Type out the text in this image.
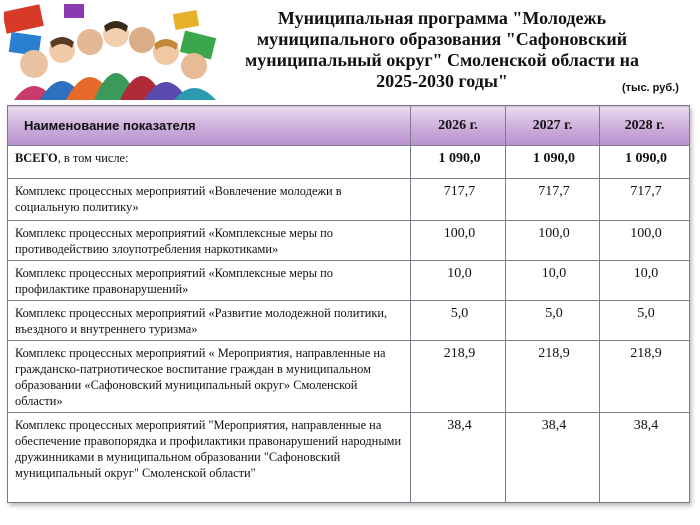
Муниципальная программа "Молодежь
муниципального образования "Сафоновский
муниципальный округ" Смоленской области на
2025-2030 годы"	(тыс. руб.)
Наименование показателя	2026 г.	2027 г.	2028 г.
ВСЕГО, в том числе:	1 090,0	1 090,0	1 090,0
Комплекс процессных мероприятий «Вовлечение молодежи в социальную политику»	717,7	717,7	717,7
Комплекс процессных мероприятий «Комплексные меры по противодействию злоупотребления наркотиками»	100,0	100,0	100,0
Комплекс процессных мероприятий «Комплексные меры по профилактике правонарушений»	10,0	10,0	10,0
Комплекс процессных мероприятий «Развитие молодежной политики, въездного и внутреннего туризма»	5,0	5,0	5,0
Комплекс процессных мероприятий « Мероприятия, направленные на гражданско-патриотическое воспитание граждан в муниципальном образовании «Сафоновский муниципальный округ» Смоленской области»	218,9	218,9	218,9
Комплекс процессных мероприятий "Мероприятия, направленные на обеспечение правопорядка и профилактики правонарушений народными дружинниками в муниципальном образовании "Сафоновский муниципальный округ" Смоленской области"	38,4	38,4	38,4
